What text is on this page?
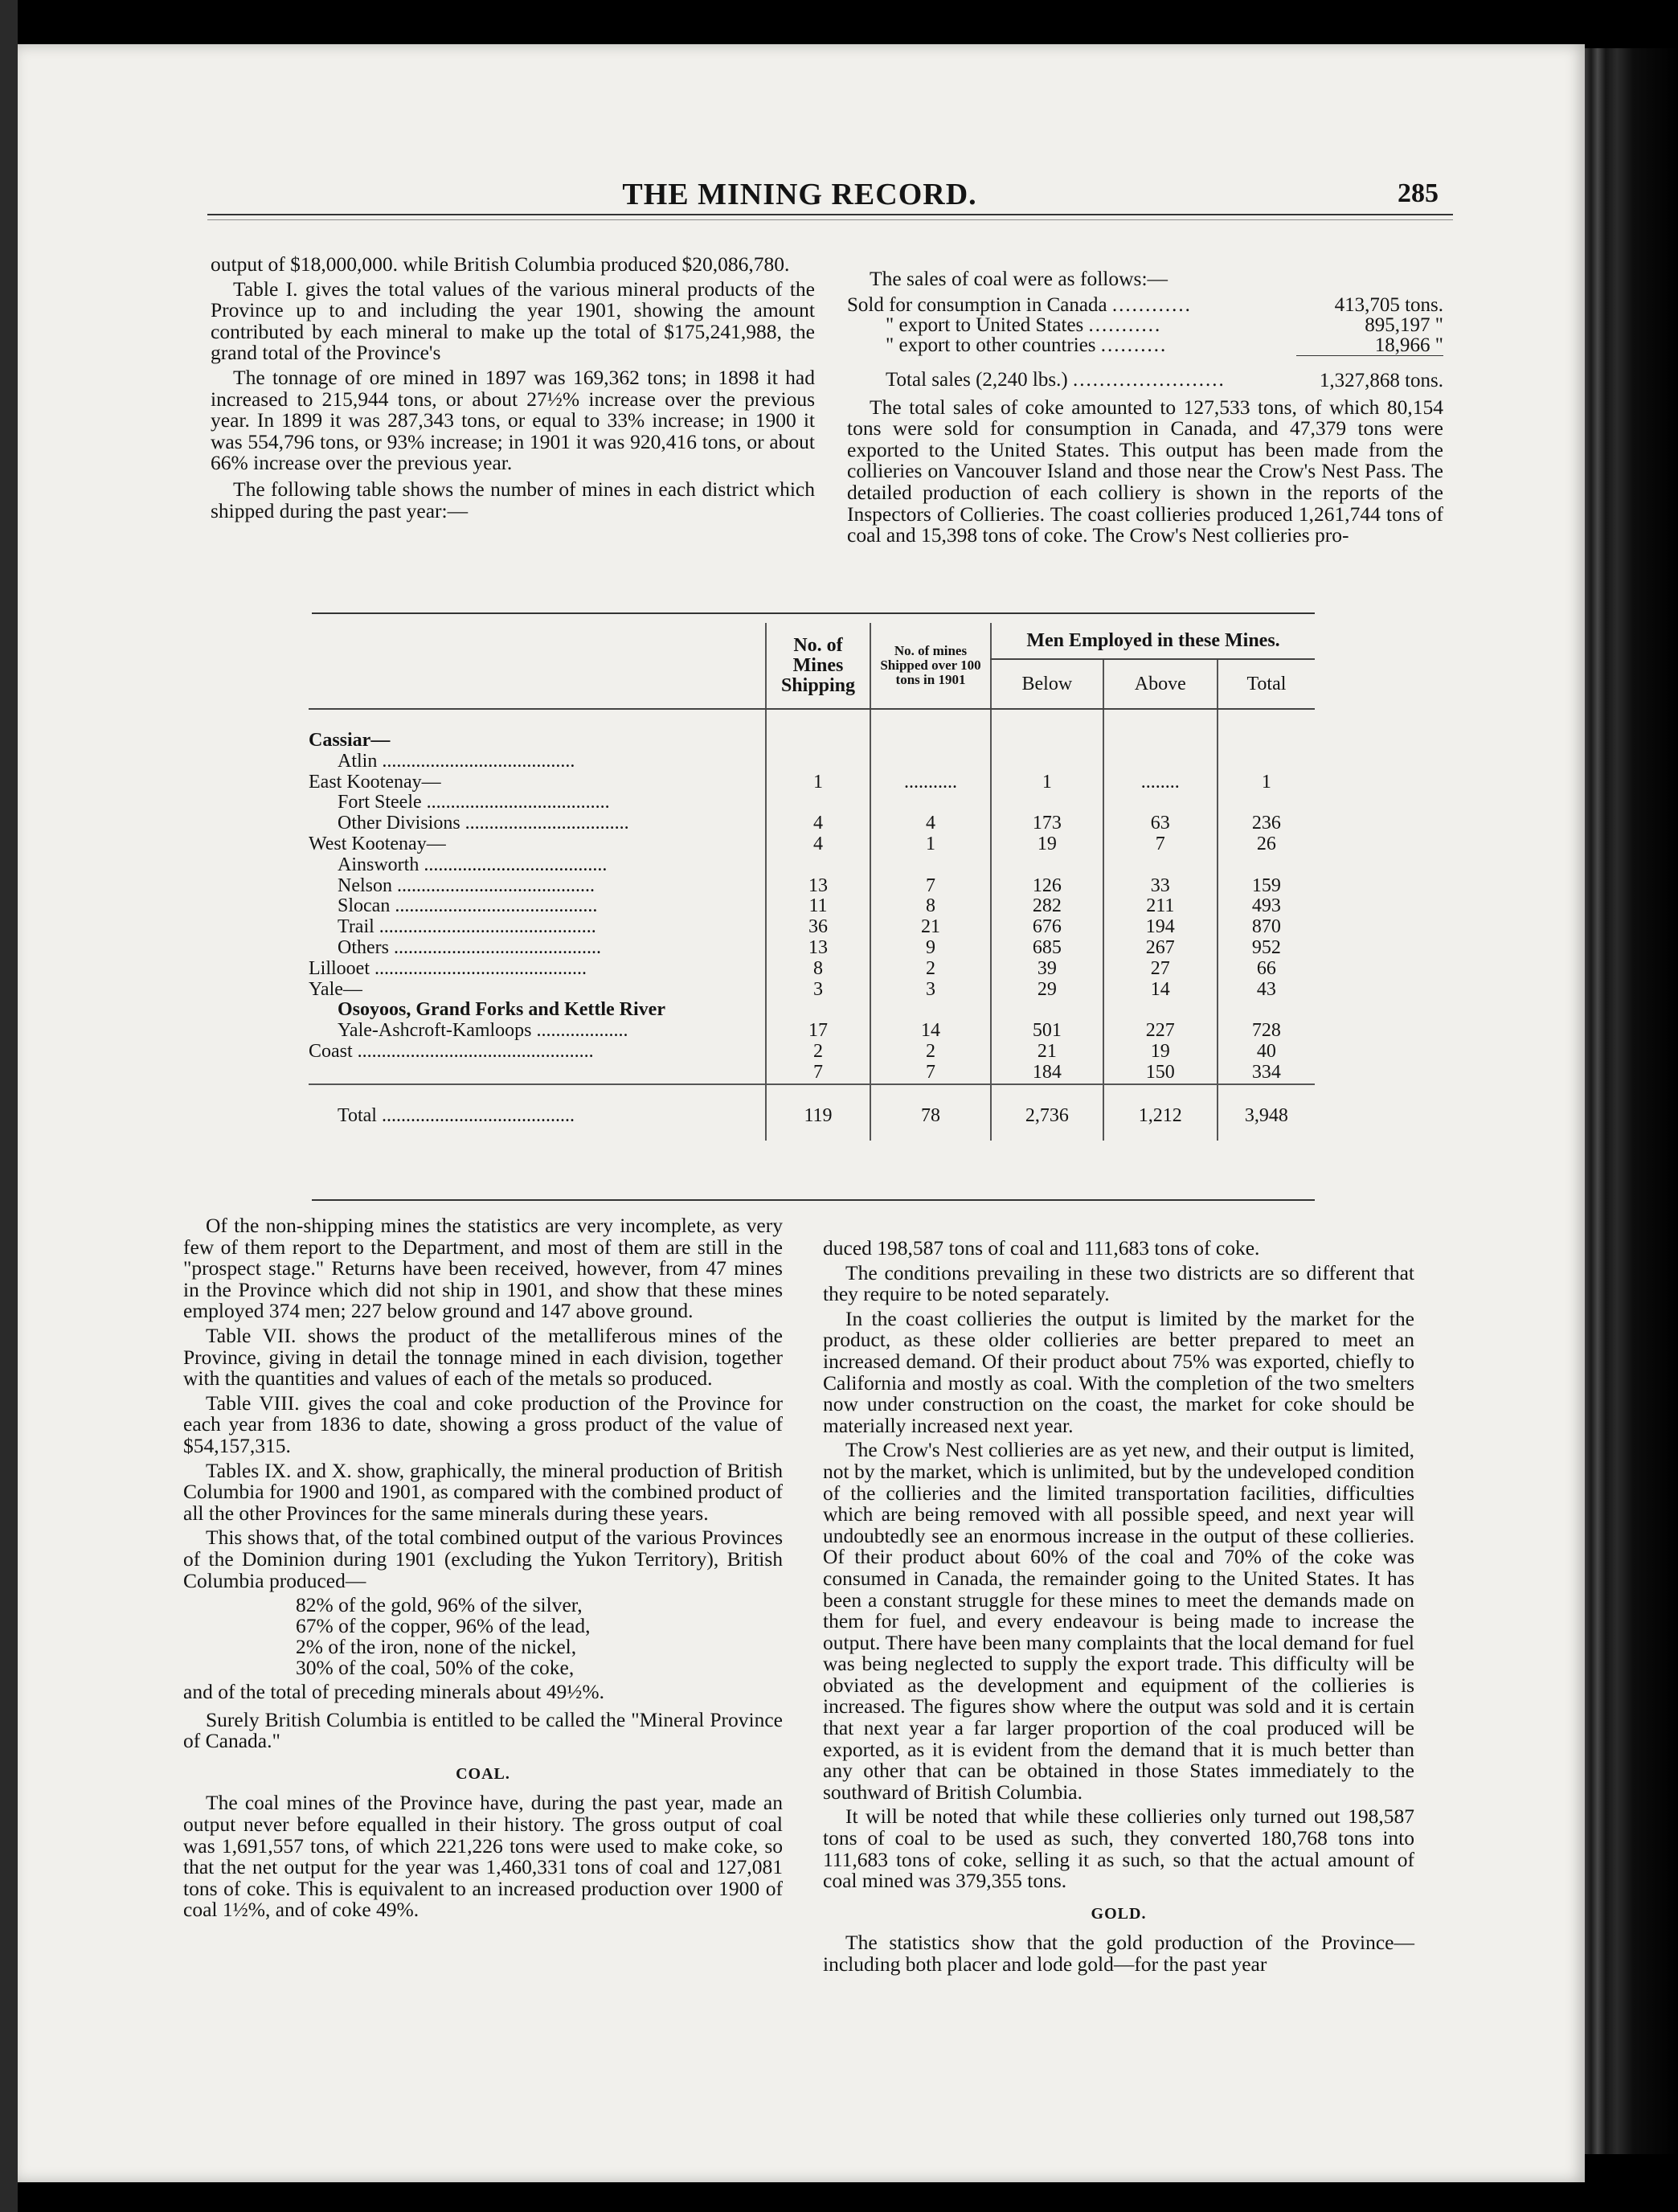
THE MINING RECORD.	285

output of $18,000,000. while British Columbia produced $20,086,780.

Table I. gives the total values of the various mineral products of the Province up to and including the year 1901, showing the amount contributed by each mineral to make up the total of $175,241,988, the grand total of the Province's

The tonnage of ore mined in 1897 was 169,362 tons; in 1898 it had increased to 215,944 tons, or about 27½% increase over the previous year. In 1899 it was 287,343 tons, or equal to 33% increase; in 1900 it was 554,796 tons, or 93% increase; in 1901 it was 920,416 tons, or about 66% increase over the previous year.

The following table shows the number of mines in each district which shipped during the past year:—

The sales of coal were as follows:—

Sold for consumption in Canada ............	413,705 tons.
" export to United States ...........	895,197 "
" export to other countries ..........	18,966 "
Total sales (2,240 lbs.) .......................	1,327,868 tons.

The total sales of coke amounted to 127,533 tons, of which 80,154 tons were sold for consumption in Canada, and 47,379 tons were exported to the United States. This output has been made from the collieries on Vancouver Island and those near the Crow's Nest Pass. The detailed production of each colliery is shown in the reports of the Inspectors of Collieries. The coast collieries produced 1,261,744 tons of coal and 15,398 tons of coke. The Crow's Nest collieries pro-

	No. of Mines Shipping	No. of mines Shipped over 100 tons in 1901	Men Employed in these Mines.		
			Below	Above	Total

Cassiar—					
Atlin ........................................					
East Kootenay—	1	...........	1	........	1
Fort Steele ......................................					
Other Divisions ..................................	4	4	173	63	236
West Kootenay—	4	1	19	7	26
Ainsworth ......................................					
Nelson .........................................	13	7	126	33	159
Slocan ..........................................	11	8	282	211	493
Trail .............................................	36	21	676	194	870
Others ...........................................	13	9	685	267	952
Lillooet ............................................	8	2	39	27	66
Yale—	3	3	29	14	43
Osoyoos, Grand Forks and Kettle River					
Yale-Ashcroft-Kamloops ...................	17	14	501	227	728
Coast .................................................	2	2	21	19	40
	7	7	184	150	334
Total ........................................	119	78	2,736	1,212	3,948

Of the non-shipping mines the statistics are very incomplete, as very few of them report to the Department, and most of them are still in the "prospect stage." Returns have been received, however, from 47 mines in the Province which did not ship in 1901, and show that these mines employed 374 men; 227 below ground and 147 above ground.

Table VII. shows the product of the metalliferous mines of the Province, giving in detail the tonnage mined in each division, together with the quantities and values of each of the metals so produced.

Table VIII. gives the coal and coke production of the Province for each year from 1836 to date, showing a gross product of the value of $54,157,315.

Tables IX. and X. show, graphically, the mineral production of British Columbia for 1900 and 1901, as compared with the combined product of all the other Provinces for the same minerals during these years.

This shows that, of the total combined output of the various Provinces of the Dominion during 1901 (excluding the Yukon Territory), British Columbia produced—

82% of the gold, 96% of the silver,
67% of the copper, 96% of the lead,
2% of the iron, none of the nickel,
30% of the coal, 50% of the coke,

and of the total of preceding minerals about 49½%.

Surely British Columbia is entitled to be called the "Mineral Province of Canada."

COAL.

The coal mines of the Province have, during the past year, made an output never before equalled in their history. The gross output of coal was 1,691,557 tons, of which 221,226 tons were used to make coke, so that the net output for the year was 1,460,331 tons of coal and 127,081 tons of coke. This is equivalent to an increased production over 1900 of coal 1½%, and of coke 49%.

duced 198,587 tons of coal and 111,683 tons of coke.

The conditions prevailing in these two districts are so different that they require to be noted separately.

In the coast collieries the output is limited by the market for the product, as these older collieries are better prepared to meet an increased demand. Of their product about 75% was exported, chiefly to California and mostly as coal. With the completion of the two smelters now under construction on the coast, the market for coke should be materially increased next year.

The Crow's Nest collieries are as yet new, and their output is limited, not by the market, which is unlimited, but by the undeveloped condition of the collieries and the limited transportation facilities, difficulties which are being removed with all possible speed, and next year will undoubtedly see an enormous increase in the output of these collieries. Of their product about 60% of the coal and 70% of the coke was consumed in Canada, the remainder going to the United States. It has been a constant struggle for these mines to meet the demands made on them for fuel, and every endeavour is being made to increase the output. There have been many complaints that the local demand for fuel was being neglected to supply the export trade. This difficulty will be obviated as the development and equipment of the collieries is increased. The figures show where the output was sold and it is certain that next year a far larger proportion of the coal produced will be exported, as it is evident from the demand that it is much better than any other that can be obtained in those States immediately to the southward of British Columbia.

It will be noted that while these collieries only turned out 198,587 tons of coal to be used as such, they converted 180,768 tons into 111,683 tons of coke, selling it as such, so that the actual amount of coal mined was 379,355 tons.

GOLD.

The statistics show that the gold production of the Province—including both placer and lode gold—for the past year
